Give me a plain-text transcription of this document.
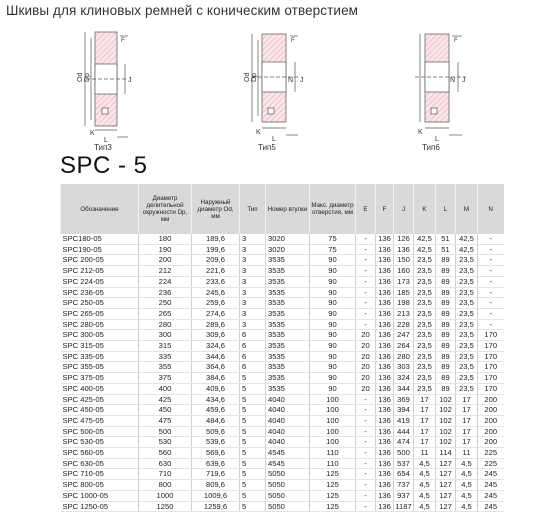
Шкивы для клиновых ремней с коническим отверстием
Od Dp	J
F
K
L
Тип3
Od Dp	N J
F
K
L
Тип5
N J
F
K
L
Тип6
SPC - 5
Обозначение	Диаметр делительной окружности Dp, мм	Наружный диаметр Od, мм	Тип	Номер втулки	Макс. диаметр отверстия, мм	E	F	J	K	L	M	N
SPC180-05	180	189,6	3	3020	75	-	136	126	42,5	51	42,5	-
SPC190-05	190	199,6	3	3020	75	-	136	136	42,5	51	42,5	-
SPC 200-05	200	209,6	3	3535	90	-	136	150	23,5	89	23,5	-
SPC 212-05	212	221,6	3	3535	90	-	136	160	23,5	89	23,5	-
SPC 224-05	224	233,6	3	3535	90	-	136	173	23,5	89	23,5	-
SPC 236-05	236	245,6	3	3535	90	-	136	185	23,5	89	23,5	-
SPC 250-05	250	259,6	3	3535	90	-	136	198	23,5	89	23,5	-
SPC 265-05	265	274,6	3	3535	90	-	136	213	23,5	89	23,5	-
SPC 280-05	280	289,6	3	3535	90	-	136	228	23,5	89	23,5	-
SPC 300-05	300	309,6	6	3535	90	20	136	247	23,5	89	23,5	170
SPC 315-05	315	324,6	6	3535	90	20	136	264	23,5	89	23,5	170
SPC 335-05	335	344,6	6	3535	90	20	136	280	23,5	89	23,5	170
SPC 355-05	355	364,6	6	3535	90	20	136	303	23,5	89	23,5	170
SPC 375-05	375	384,6	5	3535	90	20	136	324	23,5	89	23,5	170
SPC 400-05	400	409,6	5	3535	90	20	136	344	23,5	89	23,5	170
SPC 425-05	425	434,6	5	4040	100	-	136	369	17	102	17	200
SPC 450-05	450	459,6	5	4040	100	-	136	394	17	102	17	200
SPC 475-05	475	484,6	5	4040	100	-	136	419	17	102	17	200
SPC 500-05	500	509,6	5	4040	100	-	136	444	17	102	17	200
SPC 530-05	530	539,6	5	4040	100	-	136	474	17	102	17	200
SPC 560-05	560	569,6	5	4545	110	-	136	500	11	114	11	225
SPC 630-05	630	639,6	5	4545	110	-	136	537	4,5	127	4,5	225
SPC 710-05	710	719,6	5	5050	125	-	136	654	4,5	127	4,5	245
SPC 800-05	800	809,6	5	5050	125	-	136	737	4,5	127	4,5	245
SPC 1000-05	1000	1009,6	5	5050	125	-	136	937	4,5	127	4,5	245
SPC 1250-05	1250	1259,6	5	5050	125	-	136	1187	4,5	127	4,5	245
